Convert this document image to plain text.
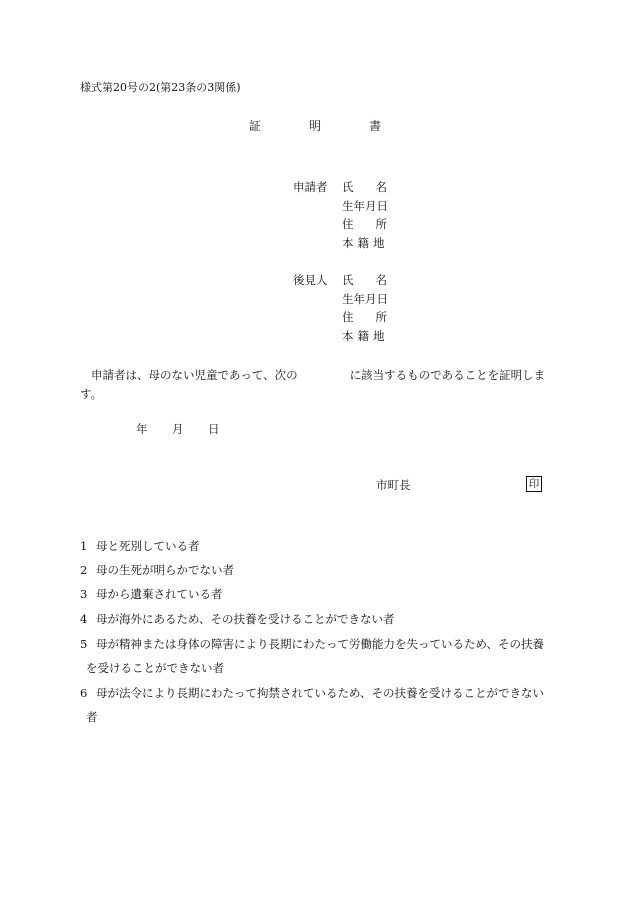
様式第20号の2(第23条の3関係)
証	明	書
申請者 氏名
生年月日
住所
本籍地
後見人 氏名
生年月日
住所
本籍地
申請者は、母のない児童であって、次の	に該当するものであることを証明します。
年 月 日
市町長	印
1 母と死別している者
2 母の生死が明らかでない者
3 母から遺棄されている者
4 母が海外にあるため、その扶養を受けることができない者
5 母が精神または身体の障害により長期にわたって労働能力を失っているため、その扶養
を受けることができない者
6 母が法令により長期にわたって拘禁されているため、その扶養を受けることができない
者
